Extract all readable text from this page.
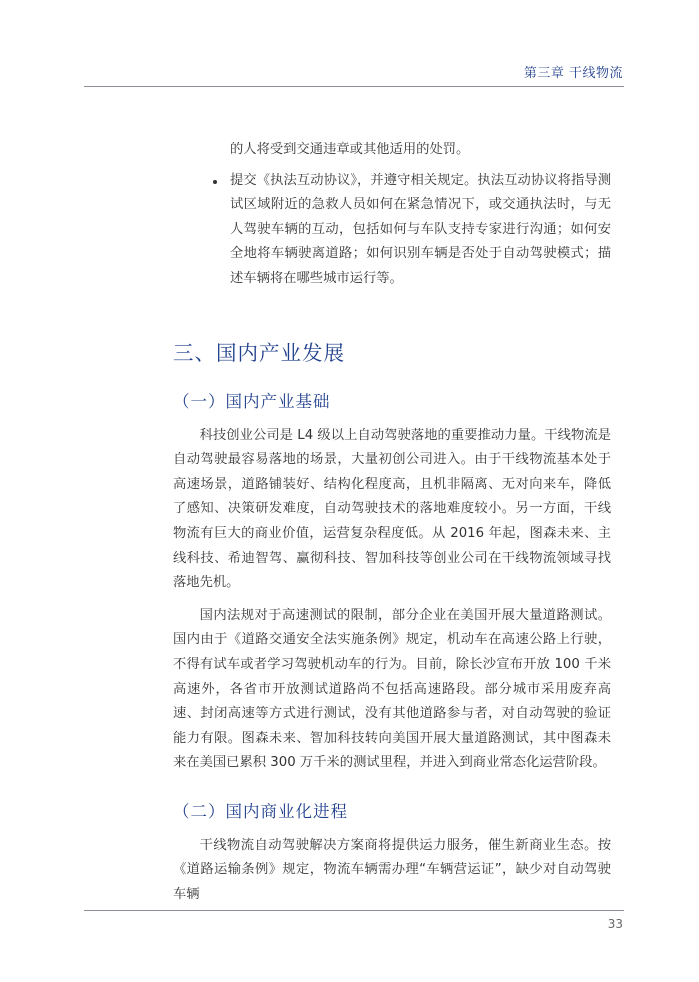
第三章 干线物流

的人将受到交通违章或其他适用的处罚。

提交《执法互动协议》，并遵守相关规定。执法互动协议将指导测试区域附近的急救人员如何在紧急情况下，或交通执法时，与无人驾驶车辆的互动，包括如何与车队支持专家进行沟通；如何安全地将车辆驶离道路；如何识别车辆是否处于自动驾驶模式；描述车辆将在哪些城市运行等。

三、国内产业发展
（一）国内产业基础

科技创业公司是 L4 级以上自动驾驶落地的重要推动力量。干线物流是自动驾驶最容易落地的场景，大量初创公司进入。由于干线物流基本处于高速场景，道路铺装好、结构化程度高，且机非隔离、无对向来车，降低了感知、决策研发难度，自动驾驶技术的落地难度较小。另一方面，干线物流有巨大的商业价值，运营复杂程度低。从 2016 年起，图森未来、主线科技、希迪智驾、赢彻科技、智加科技等创业公司在干线物流领域寻找落地先机。

国内法规对于高速测试的限制，部分企业在美国开展大量道路测试。国内由于《道路交通安全法实施条例》规定，机动车在高速公路上行驶，不得有试车或者学习驾驶机动车的行为。目前，除长沙宣布开放 100 千米高速外，各省市开放测试道路尚不包括高速路段。部分城市采用废弃高速、封闭高速等方式进行测试，没有其他道路参与者，对自动驾驶的验证能力有限。图森未来、智加科技转向美国开展大量道路测试，其中图森未来在美国已累积 300 万千米的测试里程，并进入到商业常态化运营阶段。

（二）国内商业化进程

干线物流自动驾驶解决方案商将提供运力服务，催生新商业生态。按《道路运输条例》规定，物流车辆需办理“车辆营运证”，缺少对自动驾驶车辆

33
